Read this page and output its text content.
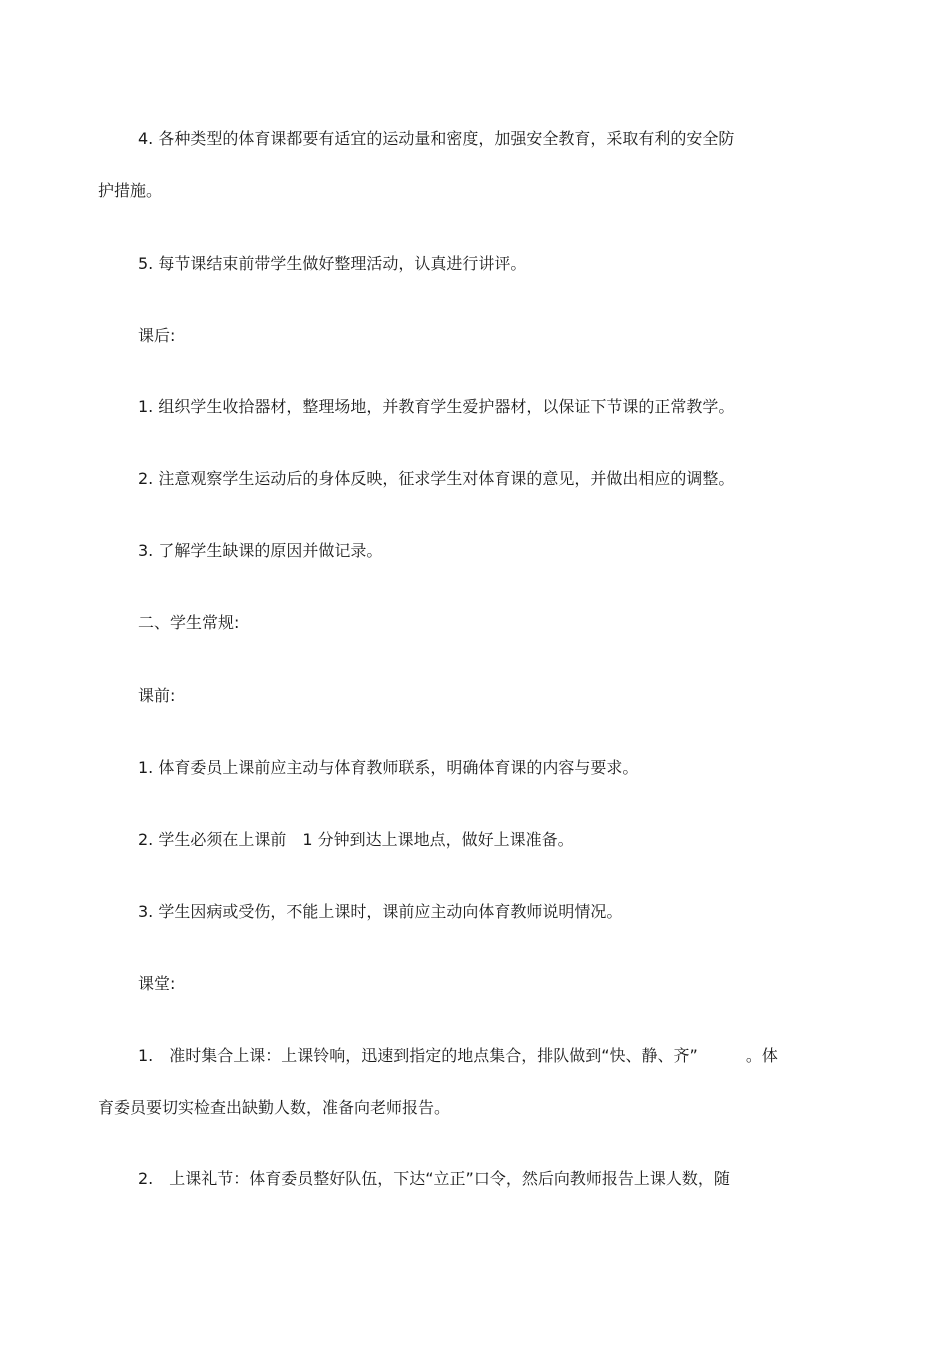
4. 各种类型的体育课都要有适宜的运动量和密度，加强安全教育，采取有利的安全防
护措施。
5. 每节课结束前带学生做好整理活动，认真进行讲评。
课后:
1. 组织学生收拾器材，整理场地，并教育学生爱护器材，以保证下节课的正常教学。
2. 注意观察学生运动后的身体反映，征求学生对体育课的意见，并做出相应的调整。
3. 了解学生缺课的原因并做记录。
二、学生常规:
课前:
1. 体育委员上课前应主动与体育教师联系，明确体育课的内容与要求。
2. 学生必须在上课前　1 分钟到达上课地点，做好上课准备。
3. 学生因病或受伤，不能上课时，课前应主动向体育教师说明情况。
课堂:
1.　准时集合上课：上课铃响，迅速到指定的地点集合，排队做到“快、静、齐”　　　。体
育委员要切实检查出缺勤人数，准备向老师报告。
2.　上课礼节：体育委员整好队伍，下达“立正”口令，然后向教师报告上课人数，随
